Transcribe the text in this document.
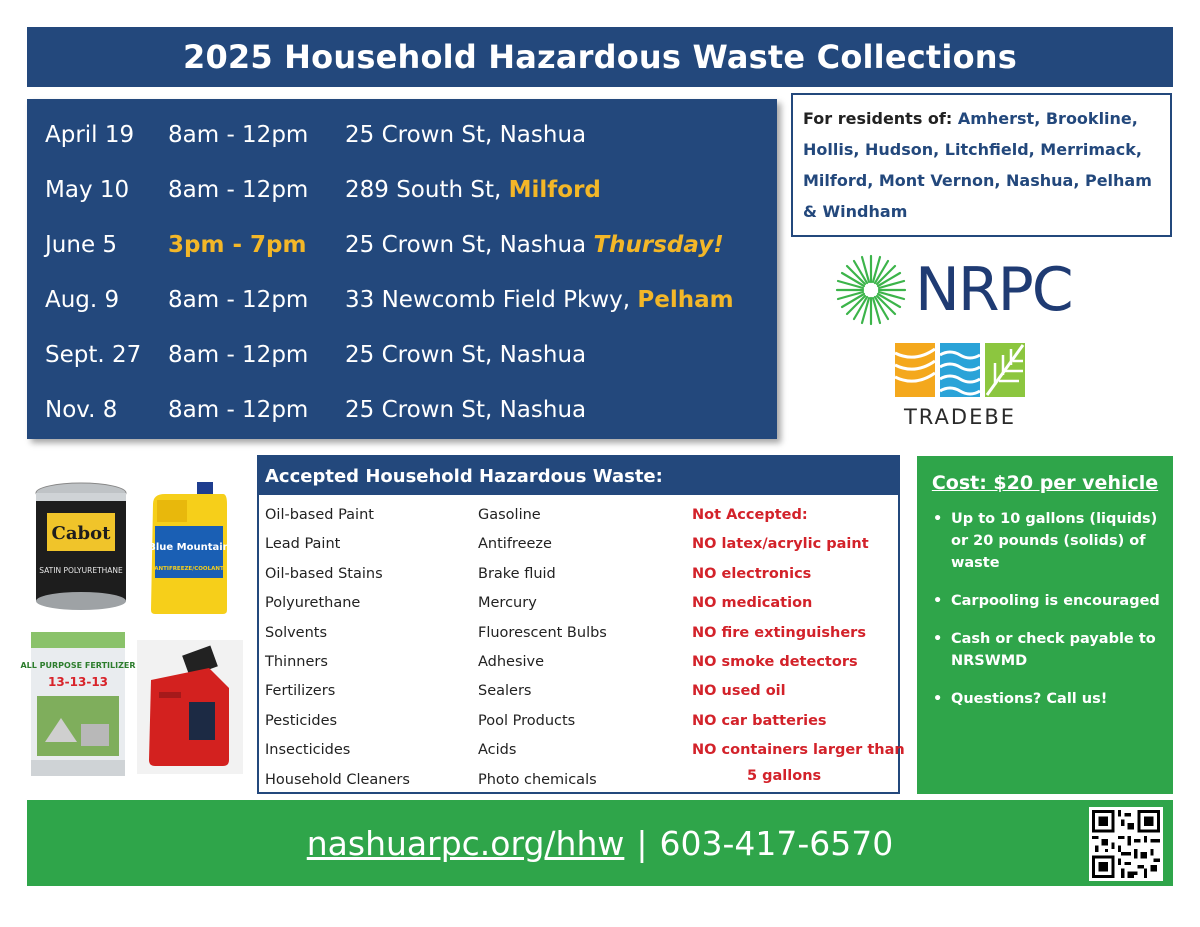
2025 Household Hazardous Waste Collections
April 19 8am - 12pm 25 Crown St, Nashua
May 10 8am - 12pm 289 South St, Milford
June 5 3pm - 7pm 25 Crown St, Nashua Thursday!
Aug. 9 8am - 12pm 33 Newcomb Field Pkwy, Pelham
Sept. 27 8am - 12pm 25 Crown St, Nashua
Nov. 8 8am - 12pm 25 Crown St, Nashua
For residents of: Amherst, Brookline, Hollis, Hudson, Litchfield, Merrimack, Milford, Mont Vernon, Nashua, Pelham & Windham
NRPC
TRADEBE
Cabot
SATIN POLYURETHANE
Blue Mountain
ANTIFREEZE/COOLANT
ALL PURPOSE FERTILIZER
13-13-13
Accepted Household Hazardous Waste:
Oil-based Paint
Lead Paint
Oil-based Stains
Polyurethane
Solvents
Thinners
Fertilizers
Pesticides
Insecticides
Household Cleaners
Gasoline
Antifreeze
Brake fluid
Mercury
Fluorescent Bulbs
Adhesive
Sealers
Pool Products
Acids
Photo chemicals
Not Accepted:
NO latex/acrylic paint
NO electronics
NO medication
NO fire extinguishers
NO smoke detectors
NO used oil
NO car batteries
NO containers larger than
5 gallons
Cost: $20 per vehicle
• Up to 10 gallons (liquids) or 20 pounds (solids) of waste
• Carpooling is encouraged
• Cash or check payable to NRSWMD
• Questions? Call us!
nashuarpc.org/hhw | 603-417-6570
